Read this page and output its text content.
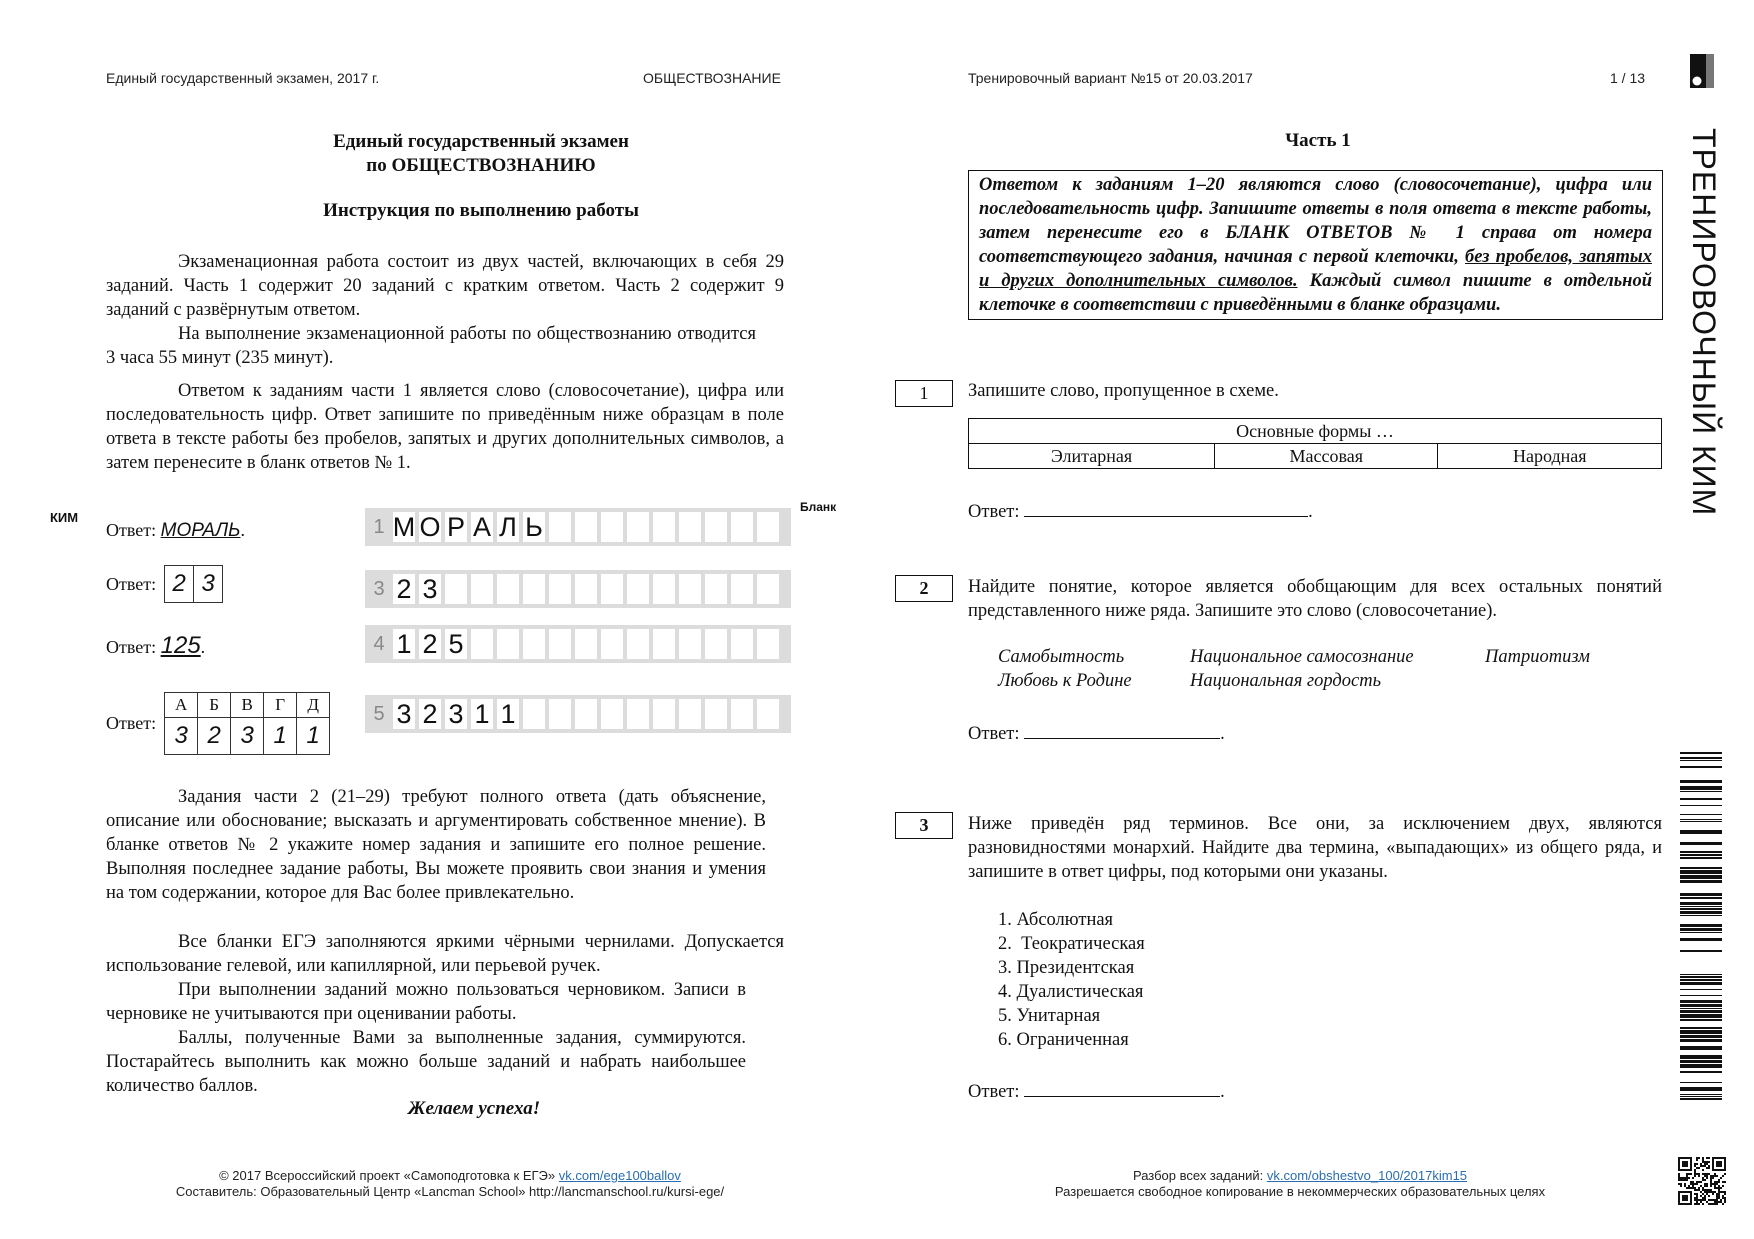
Единый государственный экзамен, 2017 г.	ОБЩЕСТВОЗНАНИЕ	Тренировочный вариант №15 от 20.03.2017	1 / 13
Единый государственный экзамен
по ОБЩЕСТВОЗНАНИЮ
Инструкция по выполнению работы
Экзаменационная работа состоит из двух частей, включающих в себя 29 заданий. Часть 1 содержит 20 заданий с кратким ответом. Часть 2 содержит 9 заданий с развёрнутым ответом.
На выполнение экзаменационной работы по обществознанию отводится 3 часа 55 минут (235 минут).
Ответом к заданиям части 1 является слово (словосочетание), цифра или последовательность цифр. Ответ запишите по приведённым ниже образцам в поле ответа в тексте работы без пробелов, запятых и других дополнительных символов, а затем перенесите в бланк ответов № 1.
КИМ
Бланк
Ответ: МОРАЛЬ.
Ответ: 2 3
Ответ: 125.
Ответ:
А	Б	В	Г	Д
3	2	3	1	1
1 М О Р А Л Ь
3 2 3
4 1 2 5
5 3 2 3 1 1
Задания части 2 (21–29) требуют полного ответа (дать объяснение, описание или обоснование; высказать и аргументировать собственное мнение). В бланке ответов № 2 укажите номер задания и запишите его полное решение. Выполняя последнее задание работы, Вы можете проявить свои знания и умения на том содержании, которое для Вас более привлекательно.
Все бланки ЕГЭ заполняются яркими чёрными чернилами. Допускается использование гелевой, или капиллярной, или перьевой ручек.
При выполнении заданий можно пользоваться черновиком. Записи в черновике не учитываются при оценивании работы.
Баллы, полученные Вами за выполненные задания, суммируются. Постарайтесь выполнить как можно больше заданий и набрать наибольшее количество баллов.
Желаем успеха!
Часть 1
Ответом к заданиям 1–20 являются слово (словосочетание), цифра или последовательность цифр. Запишите ответы в поля ответа в тексте работы, затем перенесите его в БЛАНК ОТВЕТОВ № 1 справа от номера соответствующего задания, начиная с первой клеточки, без пробелов, запятых и других дополнительных символов. Каждый символ пишите в отдельной клеточке в соответствии с приведёнными в бланке образцами.
1	Запишите слово, пропущенное в схеме.
Основные формы …
Элитарная	Массовая	Народная
Ответ:	.
2	Найдите понятие, которое является обобщающим для всех остальных понятий представленного ниже ряда. Запишите это слово (словосочетание).
Самобытность	Национальное самосознание	Патриотизм
Любовь к Родине	Национальная гордость
Ответ:	.
3	Ниже приведён ряд терминов. Все они, за исключением двух, являются разновидностями монархий. Найдите два термина, «выпадающих» из общего ряда, и запишите в ответ цифры, под которыми они указаны.
1. Абсолютная
2.  Теократическая
3. Президентская
4. Дуалистическая
5. Унитарная
6. Ограниченная
Ответ:	.
ТРЕНИРОВОЧНЫЙ КИМ
© 2017 Всероссийский проект «Самоподготовка к ЕГЭ» vk.com/ege100ballov
Составитель: Образовательный Центр «Lancman School» http://lancmanschool.ru/kursi-ege/
Разбор всех заданий: vk.com/obshestvo_100/2017kim15
Разрешается свободное копирование в некоммерческих образовательных целях
